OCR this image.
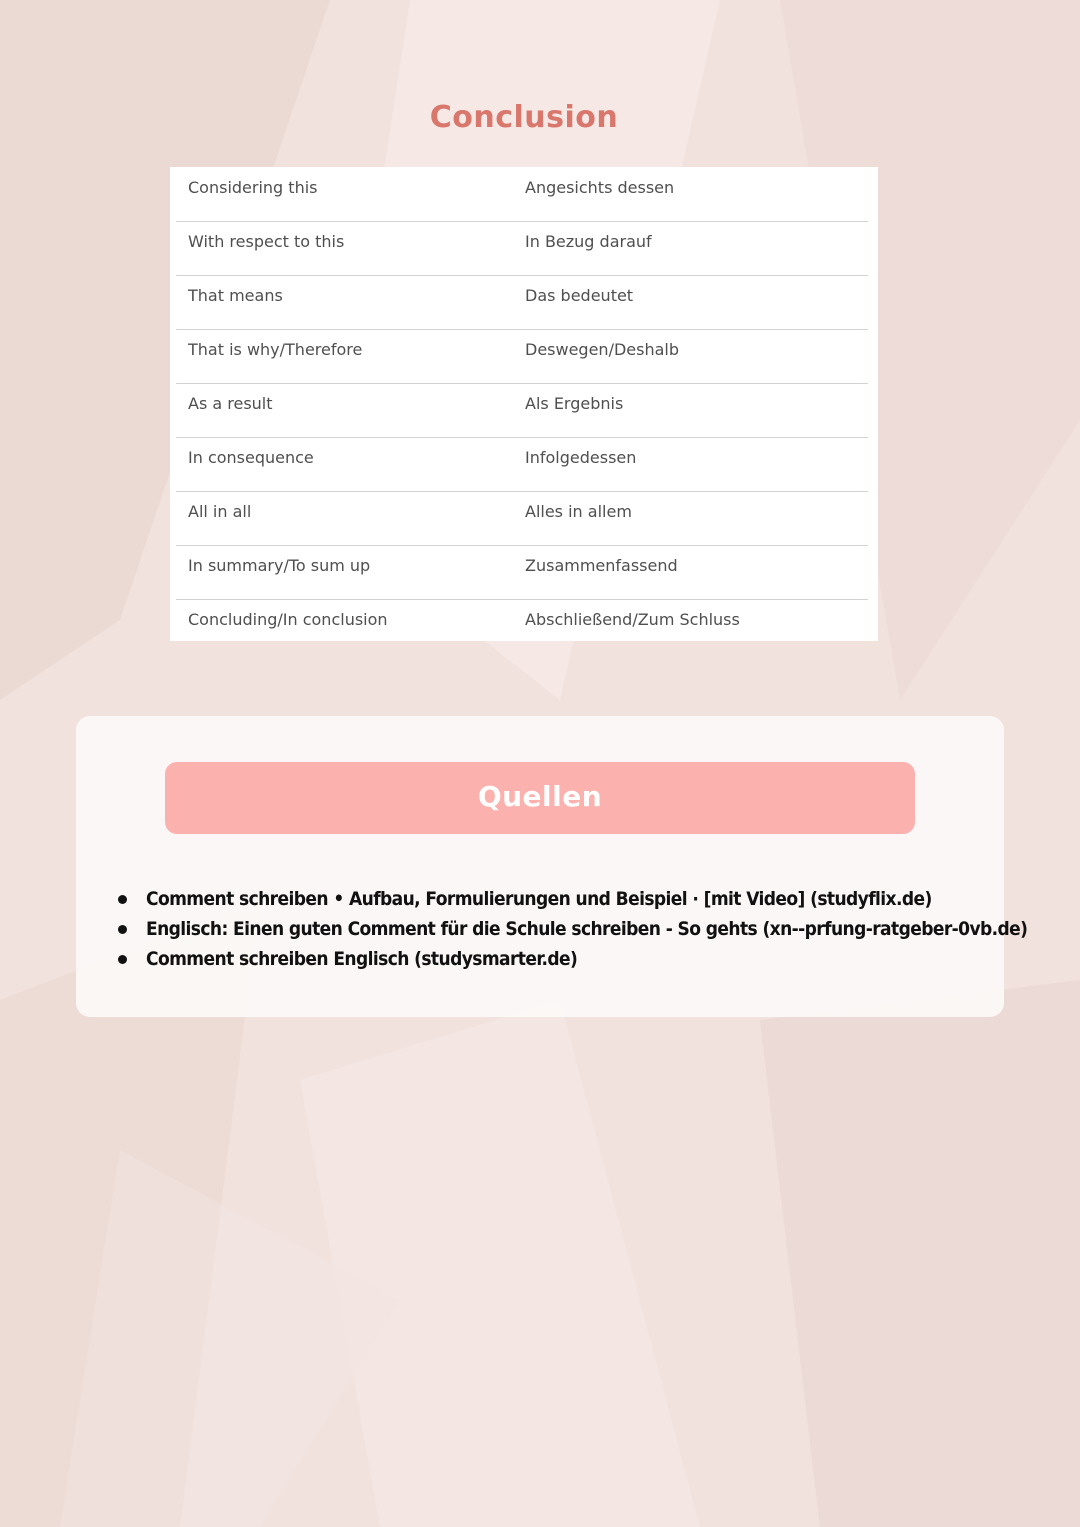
Conclusion
Considering this	Angesichts dessen
With respect to this	In Bezug darauf
That means	Das bedeutet
That is why/Therefore	Deswegen/Deshalb
As a result	Als Ergebnis
In consequence	Infolgedessen
All in all	Alles in allem
In summary/To sum up	Zusammenfassend
Concluding/In conclusion	Abschließend/Zum Schluss
Quellen
Comment schreiben • Aufbau, Formulierungen und Beispiel · [mit Video] (studyflix.de)
Englisch: Einen guten Comment für die Schule schreiben - So gehts (xn--prfung-ratgeber-0vb.de)
Comment schreiben Englisch (studysmarter.de)
